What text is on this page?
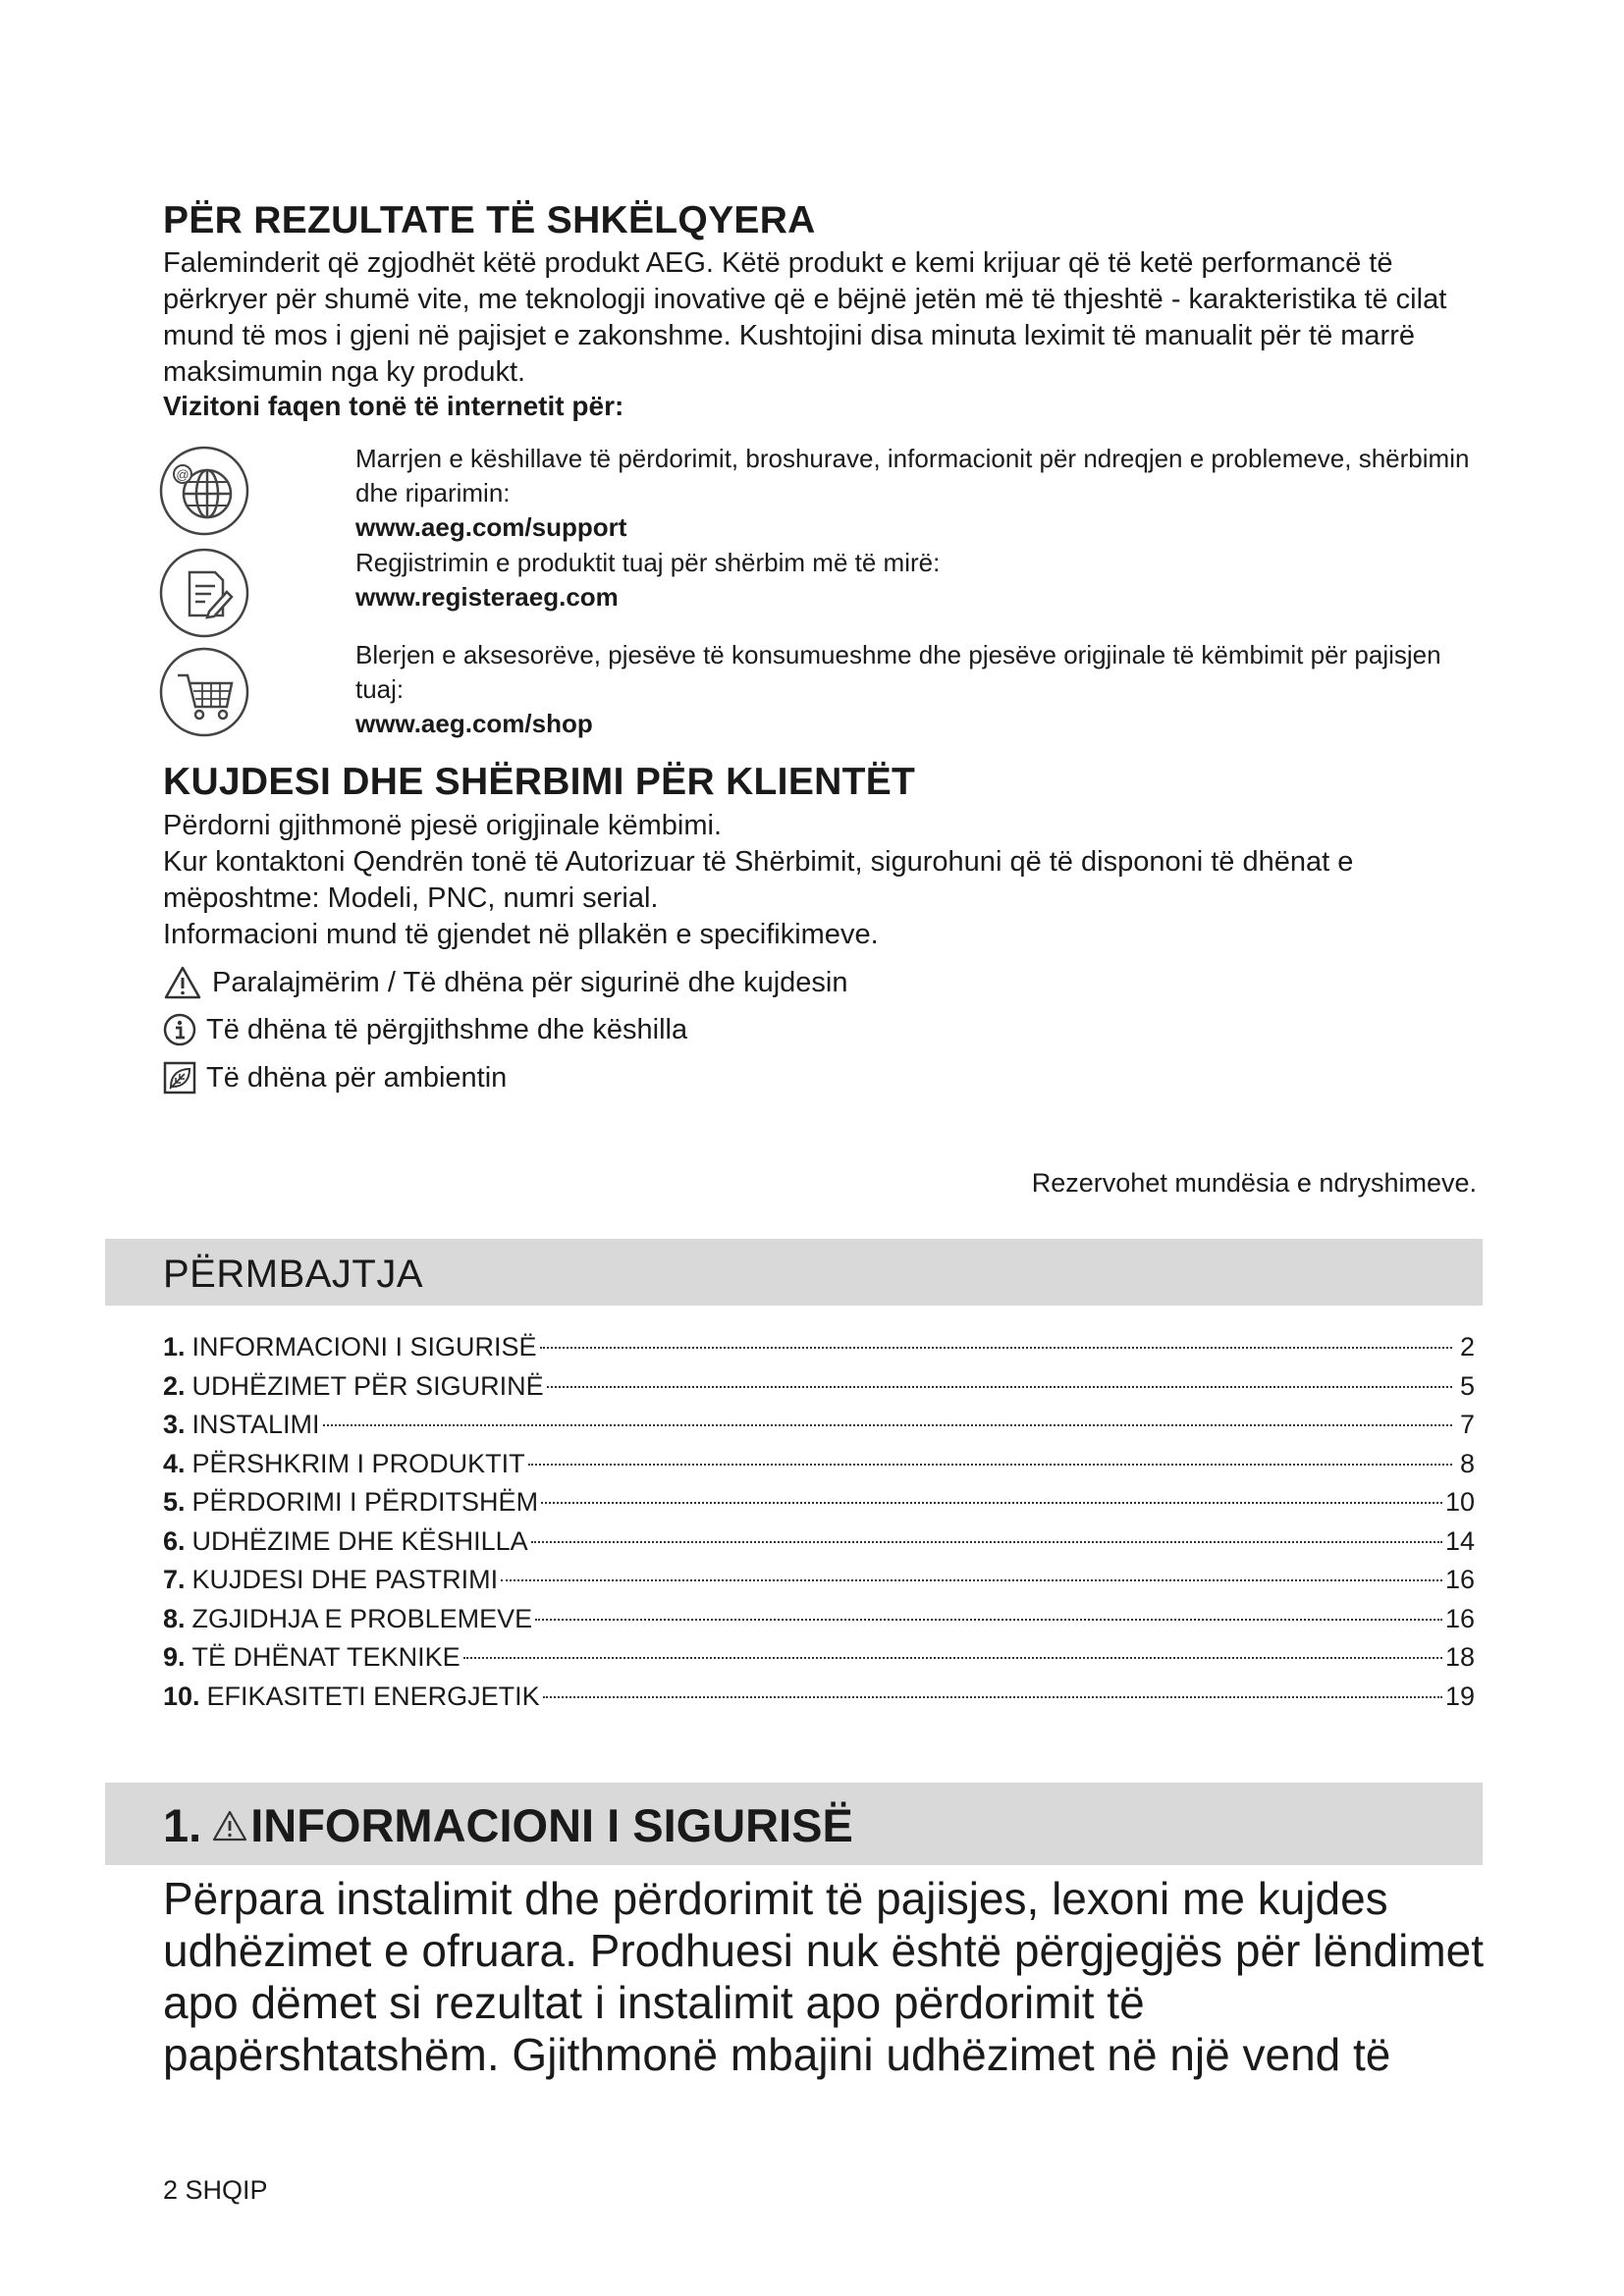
PËR REZULTATE TË SHKËLQYERA
Faleminderit që zgjodhët këtë produkt AEG. Këtë produkt e kemi krijuar që të ketë performancë të përkryer për shumë vite, me teknologji inovative që e bëjnë jetën më të thjeshtë - karakteristika të cilat mund të mos i gjeni në pajisjet e zakonshme. Kushtojini disa minuta leximit të manualit për të marrë maksimumin nga ky produkt.
Vizitoni faqen tonë të internetit për:
@
Marrjen e këshillave të përdorimit, broshurave, informacionit për ndreqjen e problemeve, shërbimin dhe riparimin:
www.aeg.com/support
Regjistrimin e produktit tuaj për shërbim më të mirë:
www.registeraeg.com
Blerjen e aksesorëve, pjesëve të konsumueshme dhe pjesëve origjinale të këmbimit për pajisjen tuaj:
www.aeg.com/shop
KUJDESI DHE SHËRBIMI PËR KLIENTËT
Përdorni gjithmonë pjesë origjinale këmbimi.
Kur kontaktoni Qendrën tonë të Autorizuar të Shërbimit, sigurohuni që të dispononi të dhënat e mëposhtme: Modeli, PNC, numri serial.
Informacioni mund të gjendet në pllakën e specifikimeve.
Paralajmërim / Të dhëna për sigurinë dhe kujdesin
Të dhëna të përgjithshme dhe këshilla
Të dhëna për ambientin
Rezervohet mundësia e ndryshimeve.
PËRMBAJTJA
1. INFORMACIONI I SIGURISË	2
2. UDHËZIMET PËR SIGURINË	5
3. INSTALIMI	7
4. PËRSHKRIM I PRODUKTIT	8
5. PËRDORIMI I PËRDITSHËM	10
6. UDHËZIME DHE KËSHILLA	14
7. KUJDESI DHE PASTRIMI	16
8. ZGJIDHJA E PROBLEMEVE	16
9. TË DHËNAT TEKNIKE	18
10. EFIKASITETI ENERGJETIK	19
1. INFORMACIONI I SIGURISË
Përpara instalimit dhe përdorimit të pajisjes, lexoni me kujdes udhëzimet e ofruara. Prodhuesi nuk është përgjegjës për lëndimet apo dëmet si rezultat i instalimit apo përdorimit të papërshtatshëm. Gjithmonë mbajini udhëzimet në një vend të
2 SHQIP
